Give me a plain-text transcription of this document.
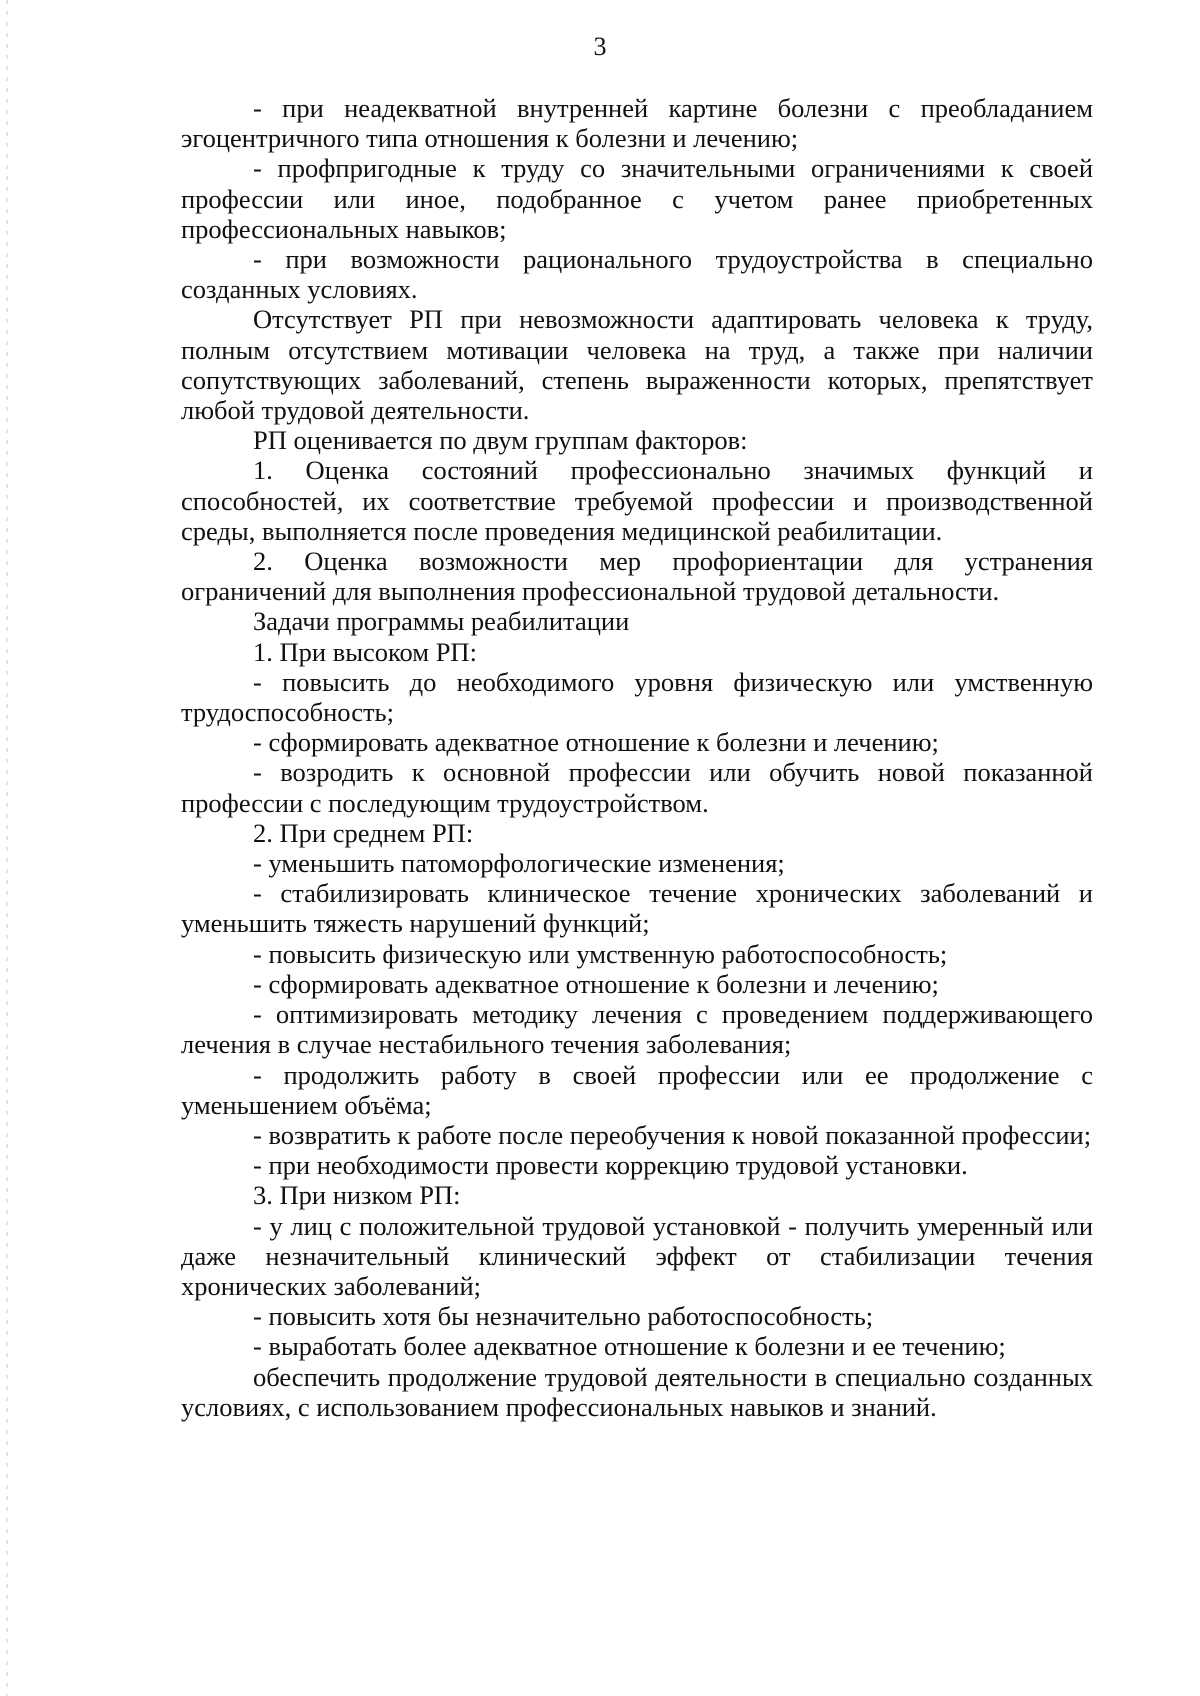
3

- при неадекватной внутренней картине болезни с преобладанием эгоцентричного типа отношения к болезни и лечению;

- профпригодные к труду со значительными ограничениями к своей профессии или иное, подобранное с учетом ранее приобретенных профессиональных навыков;

- при возможности рационального трудоустройства в специально созданных условиях.

Отсутствует РП при невозможности адаптировать человека к труду, полным отсутствием мотивации человека на труд, а также при наличии сопутствующих заболеваний, степень выраженности которых, препятствует любой трудовой деятельности.

РП оценивается по двум группам факторов:

1. Оценка состояний профессионально значимых функций и способностей, их соответствие требуемой профессии и производственной среды, выполняется после проведения медицинской реабилитации.

2. Оценка возможности мер профориентации для устранения ограничений для выполнения профессиональной трудовой детальности.

Задачи программы реабилитации

1. При высоком РП:

- повысить до необходимого уровня физическую или умственную трудоспособность;

- сформировать адекватное отношение к болезни и лечению;

- возродить к основной профессии или обучить новой показанной профессии с последующим трудоустройством.

2. При среднем РП:

- уменьшить патоморфологические изменения;

- стабилизировать клиническое течение хронических заболеваний и уменьшить тяжесть нарушений функций;

- повысить физическую или умственную работоспособность;

- сформировать адекватное отношение к болезни и лечению;

- оптимизировать методику лечения с проведением поддерживающего лечения в случае нестабильного течения заболевания;

- продолжить работу в своей профессии или ее продолжение с уменьшением объёма;

- возвратить к работе после переобучения к новой показанной профессии;

- при необходимости провести коррекцию трудовой установки.

3. При низком РП:

- у лиц с положительной трудовой установкой - получить умеренный или даже незначительный клинический эффект от стабилизации течения хронических заболеваний;

- повысить хотя бы незначительно работоспособность;

- выработать более адекватное отношение к болезни и ее течению;

обеспечить продолжение трудовой деятельности в специально созданных условиях, с использованием профессиональных навыков и знаний.
